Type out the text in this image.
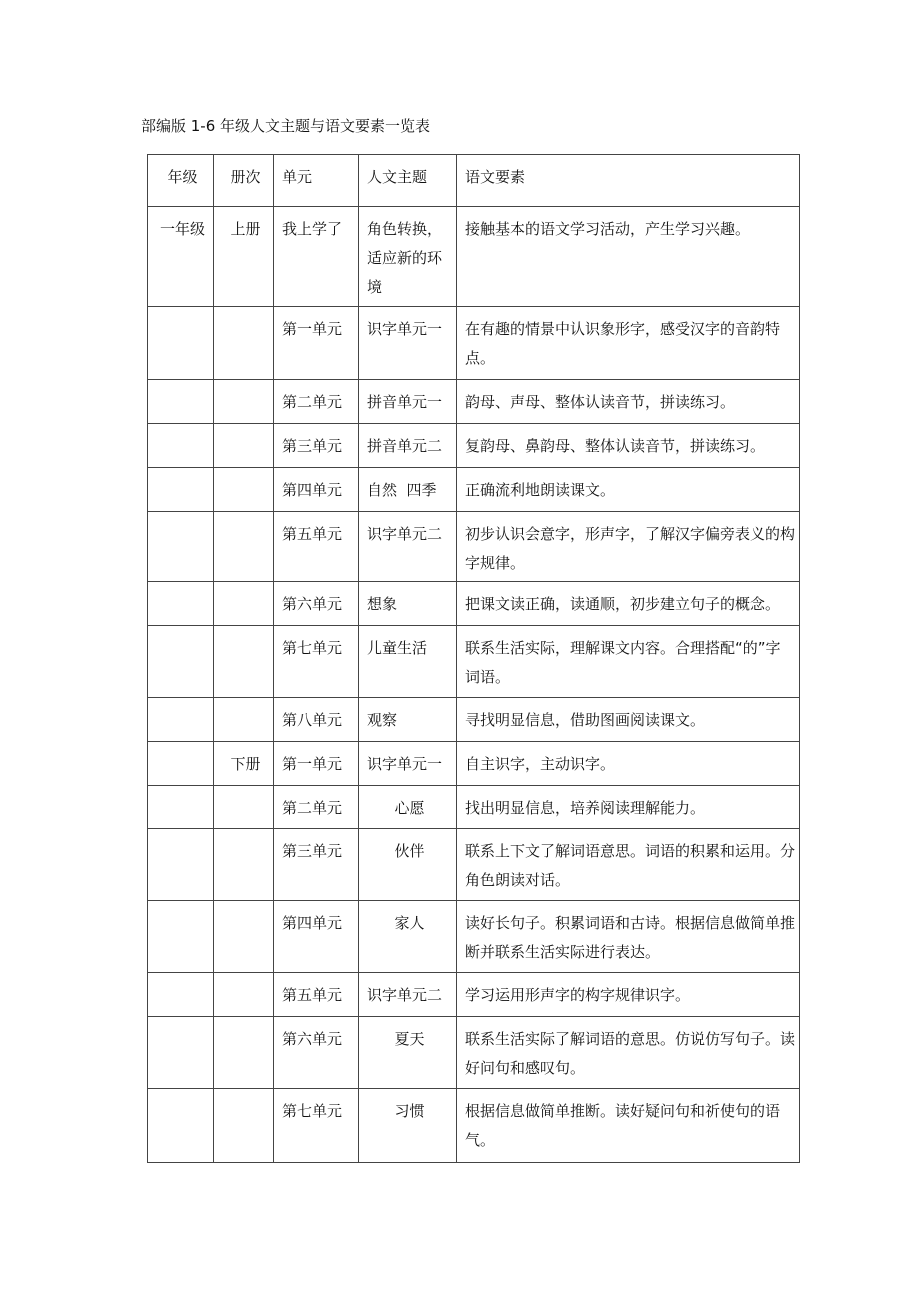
部编版 1-6 年级人文主题与语文要素一览表
年级	册次	单元	人文主题	语文要素
一年级	上册	我上学了	角色转换，适应新的环境	接触基本的语文学习活动，产生学习兴趣。
		第一单元	识字单元一	在有趣的情景中认识象形字，感受汉字的音韵特点。
		第二单元	拼音单元一	韵母、声母、整体认读音节，拼读练习。
		第三单元	拼音单元二	复韵母、鼻韵母、整体认读音节，拼读练习。
		第四单元	自然  四季	正确流利地朗读课文。
		第五单元	识字单元二	初步认识会意字，形声字，了解汉字偏旁表义的构字规律。
		第六单元	想象	把课文读正确，读通顺，初步建立句子的概念。
		第七单元	儿童生活	联系生活实际，理解课文内容。合理搭配“的”字词语。
		第八单元	观察	寻找明显信息，借助图画阅读课文。
	下册	第一单元	识字单元一	自主识字，主动识字。
		第二单元	心愿	找出明显信息，培养阅读理解能力。
		第三单元	伙伴	联系上下文了解词语意思。词语的积累和运用。分角色朗读对话。
		第四单元	家人	读好长句子。积累词语和古诗。根据信息做简单推断并联系生活实际进行表达。
		第五单元	识字单元二	学习运用形声字的构字规律识字。
		第六单元	夏天	联系生活实际了解词语的意思。仿说仿写句子。读好问句和感叹句。
		第七单元	习惯	根据信息做简单推断。读好疑问句和祈使句的语气。
